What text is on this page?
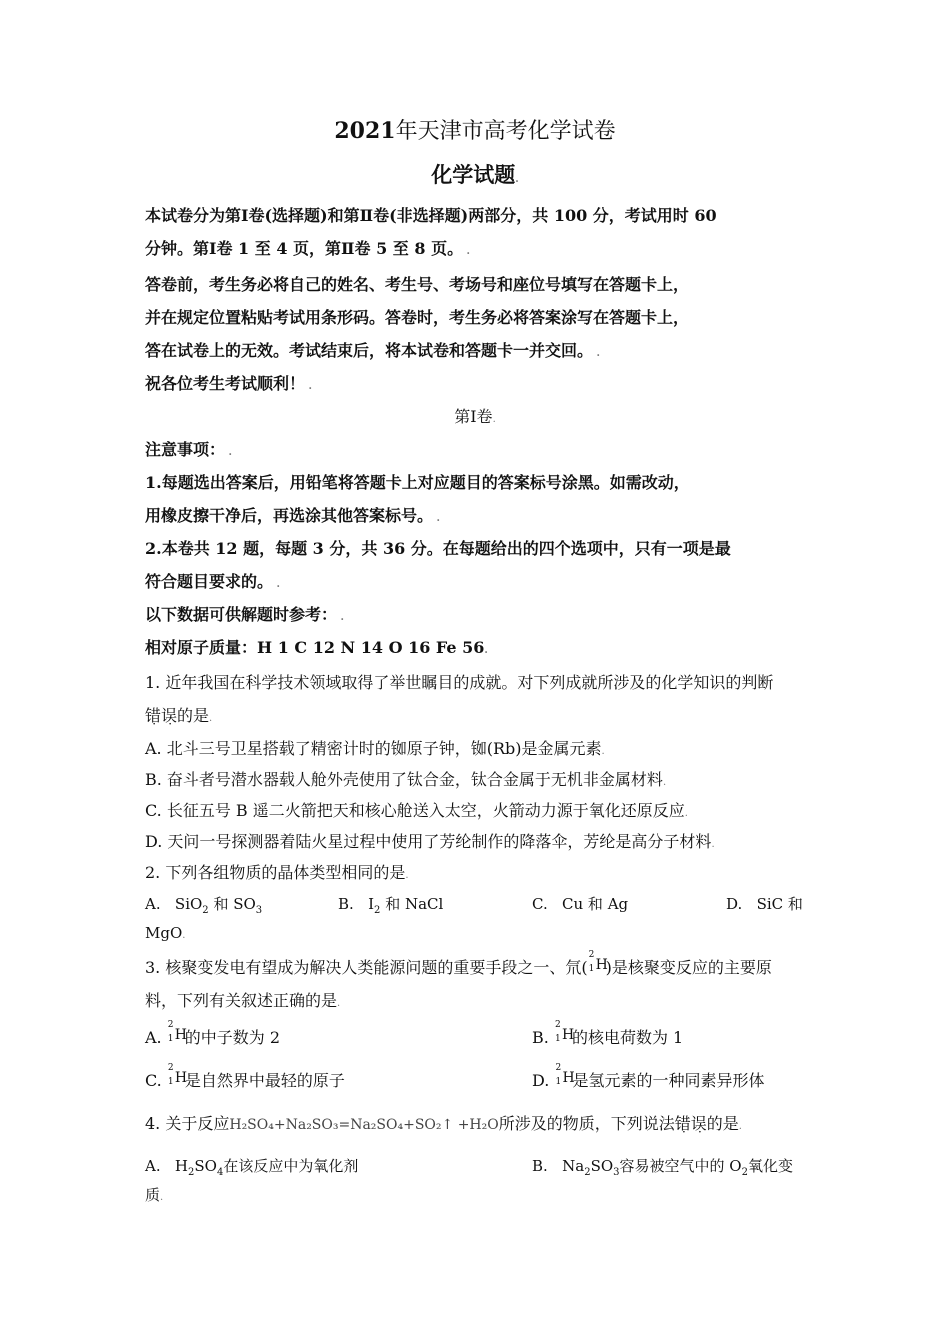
2021年天津市高考化学试卷
化学试题.
本试卷分为第Ⅰ卷(选择题)和第Ⅱ卷(非选择题)两部分，共 100 分，考试用时 60
分钟。第Ⅰ卷 1 至 4 页，第Ⅱ卷 5 至 8 页。 .
答卷前，考生务必将自己的姓名、考生号、考场号和座位号填写在答题卡上，
并在规定位置粘贴考试用条形码。答卷时，考生务必将答案涂写在答题卡上，
答在试卷上的无效。考试结束后，将本试卷和答题卡一并交回。 .
祝各位考生考试顺利！ .
第Ⅰ卷.
注意事项： .
1.每题选出答案后，用铅笔将答题卡上对应题目的答案标号涂黑。如需改动，
用橡皮擦干净后，再选涂其他答案标号。 .
2.本卷共 12 题，每题 3 分，共 36 分。在每题给出的四个选项中，只有一项是最
符合题目要求的。 .
以下数据可供解题时参考： .
相对原子质量：H 1 C 12 N 14 O 16 Fe 56.
1. 近年我国在科学技术领域取得了举世瞩目的成就。对下列成就所涉及的化学知识的判断
错误的是.
A. 北斗三号卫星搭载了精密计时的铷原子钟，铷(Rb)是金属元素.
B. 奋斗者号潜水器载人舱外壳使用了钛合金，钛合金属于无机非金属材料.
C. 长征五号 B 遥二火箭把天和核心舱送入太空，火箭动力源于氧化还原反应.
D. 天问一号探测器着陆火星过程中使用了芳纶制作的降落伞，芳纶是高分子材料.
2. 下列各组物质的晶体类型相同的是.
A. SiO$_2$ 和 $SO_3$	B. $I_2$ 和 NaCl	C. Cu 和 Ag	D. SiC 和
MgO.
3. 核聚变发电有望成为解决人类能源问题的重要手段之一、氘(
2
1 H
)是核聚变反应的主要原
料，下列有关叙述正确的是.
A.
2
1 H
的中子数为 2	B.
2
1 H
的核电荷数为 1
C.
2
1 H
是自然界中最轻的原子	D.
2
1 H
是氢元素的一种同素异形体
4. 关于反应H₂SO₄+Na₂SO₃=Na₂SO₄+SO₂↑ +H₂O所涉及的物质，下列说法错误的是.
A. $H_2SO_4$在该反应中为氧化剂	B. $Na_2SO_3$容易被空气中的 $O_2$氧化变
质.
